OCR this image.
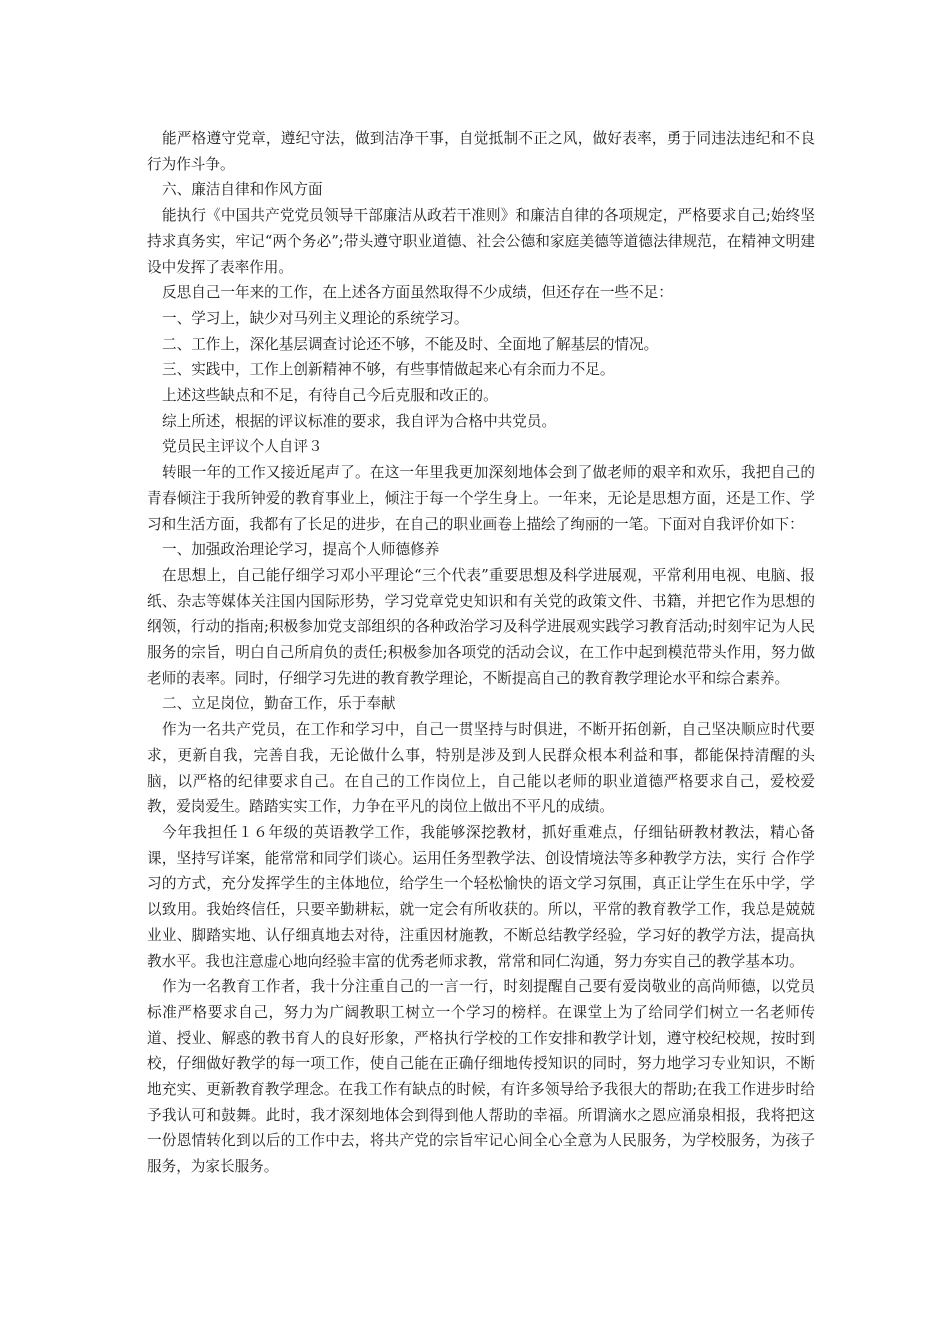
能严格遵守党章，遵纪守法，做到洁净干事，自觉抵制不正之风，做好表率，勇于同违法违纪和不良行为作斗争。

六、廉洁自律和作风方面

能执行《中国共产党党员领导干部廉洁从政若干准则》和廉洁自律的各项规定，严格要求自己;始终坚持求真务实，牢记“两个务必”;带头遵守职业道德、社会公德和家庭美德等道德法律规范，在精神文明建设中发挥了表率作用。

反思自己一年来的工作，在上述各方面虽然取得不少成绩，但还存在一些不足：

一、学习上，缺少对马列主义理论的系统学习。

二、工作上，深化基层调查讨论还不够，不能及时、全面地了解基层的情况。

三、实践中，工作上创新精神不够，有些事情做起来心有余而力不足。

上述这些缺点和不足，有待自己今后克服和改正的。

综上所述，根据的评议标准的要求，我自评为合格中共党员。

党员民主评议个人自评３

转眼一年的工作又接近尾声了。在这一年里我更加深刻地体会到了做老师的艰辛和欢乐，我把自己的青春倾注于我所钟爱的教育事业上，倾注于每一个学生身上。一年来，无论是思想方面，还是工作、学习和生活方面，我都有了长足的进步，在自己的职业画卷上描绘了绚丽的一笔。下面对自我评价如下：

一、加强政治理论学习，提高个人师德修养

在思想上，自己能仔细学习邓小平理论“三个代表”重要思想及科学进展观，平常利用电视、电脑、报纸、杂志等媒体关注国内国际形势，学习党章党史知识和有关党的政策文件、书籍，并把它作为思想的纲领，行动的指南;积极参加党支部组织的各种政治学习及科学进展观实践学习教育活动;时刻牢记为人民服务的宗旨，明白自己所肩负的责任;积极参加各项党的活动会议，在工作中起到模范带头作用，努力做老师的表率。同时，仔细学习先进的教育教学理论，不断提高自己的教育教学理论水平和综合素养。

二、立足岗位，勤奋工作，乐于奉献

作为一名共产党员，在工作和学习中，自己一贯坚持与时俱进，不断开拓创新，自己坚决顺应时代要求，更新自我，完善自我，无论做什么事，特别是涉及到人民群众根本利益和事，都能保持清醒的头脑，以严格的纪律要求自己。在自己的工作岗位上，自己能以老师的职业道德严格要求自己，爱校爱教，爱岗爱生。踏踏实实工作，力争在平凡的岗位上做出不平凡的成绩。

今年我担任１６年级的英语教学工作，我能够深挖教材，抓好重难点，仔细钻研教材教法，精心备课，坚持写详案，能常常和同学们谈心。运用任务型教学法、创设情境法等多种教学方法，实行 合作学习的方式，充分发挥学生的主体地位，给学生一个轻松愉快的语文学习氛围，真正让学生在乐中学，学以致用。我始终信任，只要辛勤耕耘，就一定会有所收获的。所以，平常的教育教学工作，我总是兢兢业业、脚踏实地、认仔细真地去对待，注重因材施教，不断总结教学经验，学习好的教学方法，提高执教水平。我也注意虚心地向经验丰富的优秀老师求教，常常和同仁沟通，努力夯实自己的教学基本功。

作为一名教育工作者，我十分注重自己的一言一行，时刻提醒自己要有爱岗敬业的高尚师德，以党员标准严格要求自己，努力为广阔教职工树立一个学习的榜样。在课堂上为了给同学们树立一名老师传道、授业、解惑的教书育人的良好形象，严格执行学校的工作安排和教学计划，遵守校纪校规，按时到校，仔细做好教学的每一项工作，使自己能在正确仔细地传授知识的同时，努力地学习专业知识，不断地充实、更新教育教学理念。在我工作有缺点的时候，有许多领导给予我很大的帮助;在我工作进步时给予我认可和鼓舞。此时，我才深刻地体会到得到他人帮助的幸福。所谓滴水之恩应涌泉相报，我将把这一份恩情转化到以后的工作中去，将共产党的宗旨牢记心间全心全意为人民服务，为学校服务，为孩子服务，为家长服务。
